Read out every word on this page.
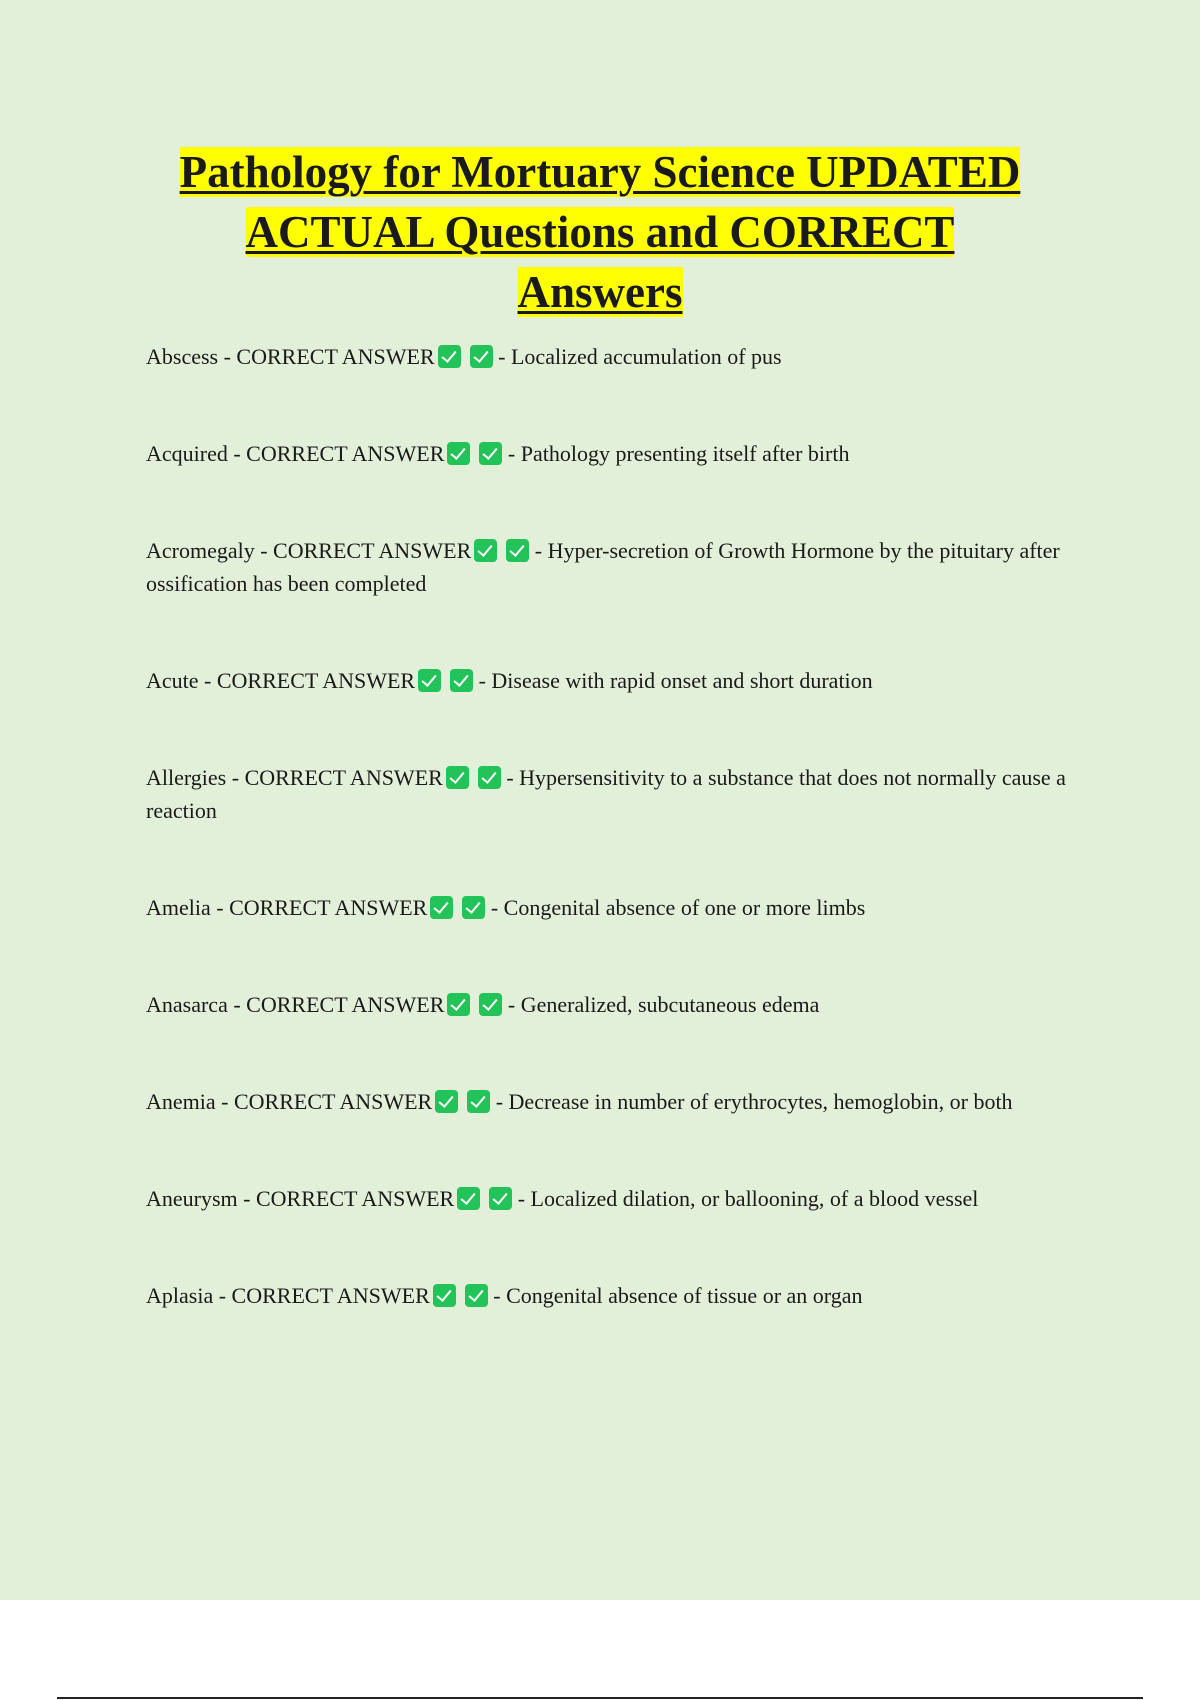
Pathology for Mortuary Science UPDATED
ACTUAL Questions and CORRECT
Answers

Abscess - CORRECT ANSWER	- Localized accumulation of pus

Acquired - CORRECT ANSWER	- Pathology presenting itself after birth

Acromegaly - CORRECT ANSWER	- Hyper-secretion of Growth Hormone by the pituitary after ossification has been completed

Acute - CORRECT ANSWER	- Disease with rapid onset and short duration

Allergies - CORRECT ANSWER	- Hypersensitivity to a substance that does not normally cause a reaction

Amelia - CORRECT ANSWER	- Congenital absence of one or more limbs

Anasarca - CORRECT ANSWER	- Generalized, subcutaneous edema

Anemia - CORRECT ANSWER	- Decrease in number of erythrocytes, hemoglobin, or both

Aneurysm - CORRECT ANSWER	- Localized dilation, or ballooning, of a blood vessel

Aplasia - CORRECT ANSWER	- Congenital absence of tissue or an organ
